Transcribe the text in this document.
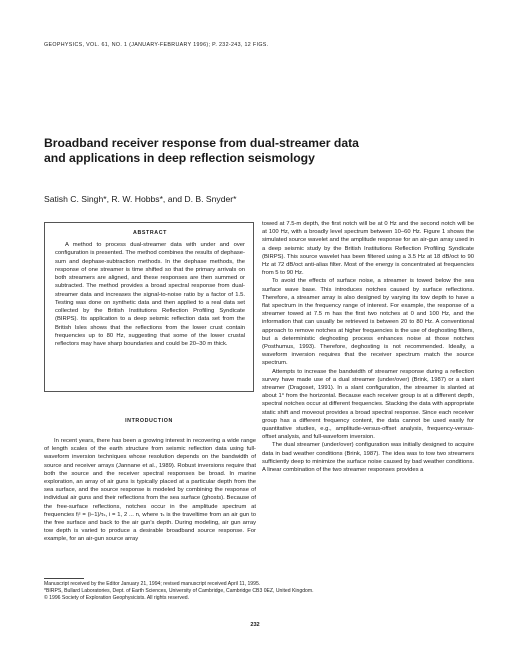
GEOPHYSICS, VOL. 61, NO. 1 (JANUARY-FEBRUARY 1996); P. 232-243, 12 FIGS.
Broadband receiver response from dual-streamer data
and applications in deep reflection seismology
Satish C. Singh*, R. W. Hobbs*, and D. B. Snyder*
ABSTRACT

A method to process dual-streamer data with under and over configuration is presented. The method combines the results of dephase-sum and dephase-subtraction methods. In the dephase methods, the response of one streamer is time shifted so that the primary arrivals on both streamers are aligned, and these responses are then summed or subtracted. The method provides a broad spectral response from dual-streamer data and increases the signal-to-noise ratio by a factor of 1.5. Testing was done on synthetic data and then applied to a real data set collected by the British Institutions Reflection Profiling Syndicate (BIRPS). Its application to a deep seismic reflection data set from the British Isles shows that the reflections from the lower crust contain frequencies up to 80 Hz, suggesting that some of the lower crustal reflectors may have sharp boundaries and could be 20–30 m thick.

INTRODUCTION

In recent years, there has been a growing interest in recovering a wide range of length scales of the earth structure from seismic reflection data using full-waveform inversion techniques whose resolution depends on the bandwidth of source and receiver arrays (Jannane et al., 1989). Robust inversions require that both the source and the receiver spectral responses be broad. In marine exploration, an array of air guns is typically placed at a particular depth from the sea surface, and the source response is modeled by combining the response of individual air guns and their reflections from the sea surface (ghosts). Because of the free-surface reflections, notches occur in the amplitude spectrum at frequencies fᵢˢ = (i−1)/τₛ, i = 1, 2 ... n, where τₛ is the traveltime from an air gun to the free surface and back to the air gun's depth. During modeling, air gun array tow depth is varied to produce a desirable broadband source response. For example, for an air-gun source array

towed at 7.5-m depth, the first notch will be at 0 Hz and the second notch will be at 100 Hz, with a broadly level spectrum between 10–60 Hz. Figure 1 shows the simulated source wavelet and the amplitude response for an air-gun array used in a deep seismic study by the British Institutions Reflection Profiling Syndicate (BIRPS). This source wavelet has been filtered using a 3.5 Hz at 18 dB/oct to 90 Hz at 72 dB/oct anti-alias filter. Most of the energy is concentrated at frequencies from 5 to 90 Hz.

To avoid the effects of surface noise, a streamer is towed below the sea surface wave base. This introduces notches caused by surface reflections. Therefore, a streamer array is also designed by varying its tow depth to have a flat spectrum in the frequency range of interest. For example, the response of a streamer towed at 7.5 m has the first two notches at 0 and 100 Hz, and the information that can usually be retrieved is between 20 to 80 Hz. A conventional approach to remove notches at higher frequencies is the use of deghosting filters, but a deterministic deghosting process enhances noise at those notches (Posthumus, 1993). Therefore, deghosting is not recommended. Ideally, a waveform inversion requires that the receiver spectrum match the source spectrum.

Attempts to increase the bandwidth of streamer response during a reflection survey have made use of a dual streamer (under/over) (Brink, 1987) or a slant streamer (Dragoset, 1991). In a slant configuration, the streamer is slanted at about 1° from the horizontal. Because each receiver group is at a different depth, spectral notches occur at different frequencies. Stacking the data with appropriate static shift and moveout provides a broad spectral response. Since each receiver group has a different frequency content, the data cannot be used easily for quantitative studies, e.g., amplitude-versus-offset analysis, frequency-versus-offset analysis, and full-waveform inversion.

The dual streamer (under/over) configuration was initially designed to acquire data in bad weather conditions (Brink, 1987). The idea was to tow two streamers sufficiently deep to minimize the surface noise caused by bad weather conditions. A linear combination of the two streamer responses provides a

Manuscript received by the Editor January 21, 1994; revised manuscript received April 11, 1995.
*BIRPS, Bullard Laboratories, Dept. of Earth Sciences, University of Cambridge, Cambridge CB3 0EZ, United Kingdom.
© 1996 Society of Exploration Geophysicists. All rights reserved.
232
